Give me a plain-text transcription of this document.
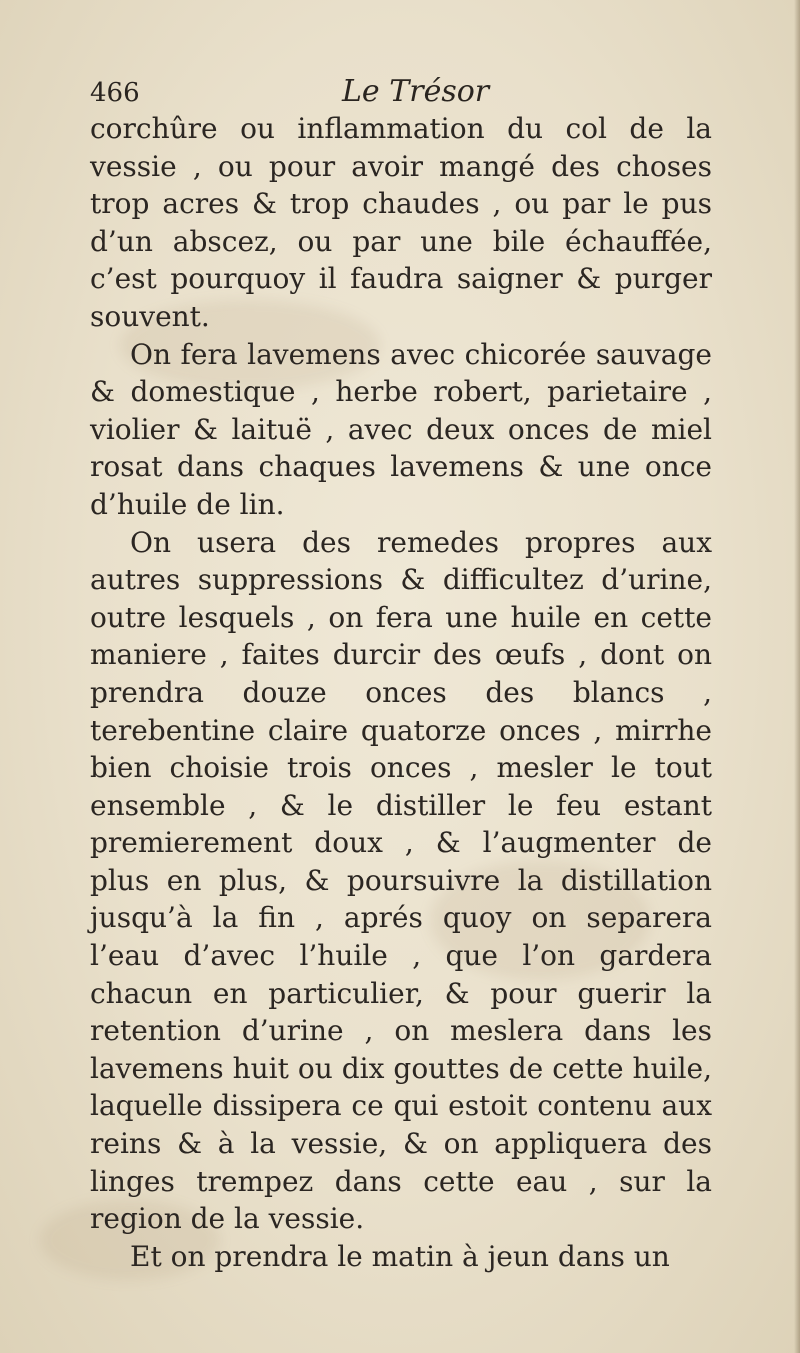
466	Le Trésor

corchûre ou inflammation du col de la vessie , ou pour avoir mangé des choses trop acres & trop chaudes , ou par le pus d’un abscez, ou par une bile échauffée, c’est pourquoy il faudra saigner & purger souvent.

On fera lavemens avec chicorée sauvage & domestique , herbe robert, parietaire , violier & laituë , avec deux onces de miel rosat dans chaques lavemens & une once d’huile de lin.

On usera des remedes propres aux autres suppressions & difficultez d’urine, outre lesquels , on fera une huile en cette maniere , faites durcir des œufs , dont on prendra douze onces des blancs , terebentine claire quatorze onces , mirrhe bien choisie trois onces , mesler le tout ensemble , & le distiller le feu estant premierement doux , & l’augmenter de plus en plus, & poursuivre la distillation jusqu’à la fin , aprés quoy on separera l’eau d’avec l’huile , que l’on gardera chacun en particulier, & pour guerir la retention d’urine , on meslera dans les lavemens huit ou dix gouttes de cette huile, laquelle dissipera ce qui estoit contenu aux reins & à la vessie, & on appliquera des linges trempez dans cette eau , sur la region de la vessie.

Et on prendra le matin à jeun dans un
